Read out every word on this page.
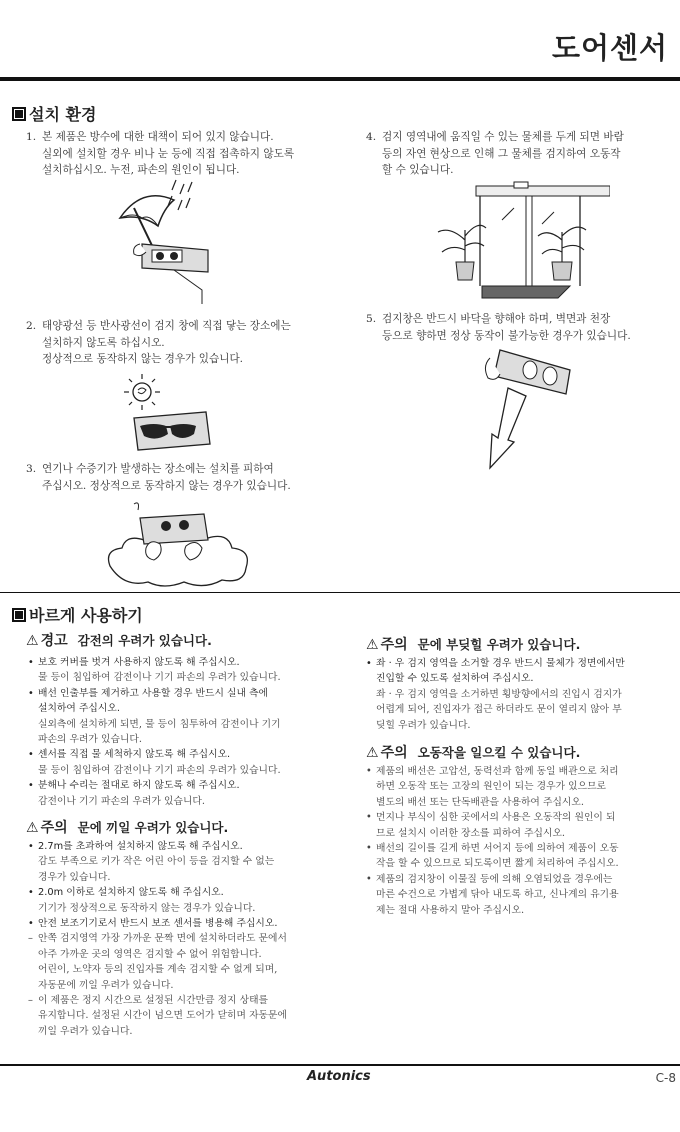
도어센서
설치 환경
1. 본 제품은 방수에 대한 대책이 되어 있지 않습니다.
실외에 설치할 경우 비나 눈 등에 직접 접촉하지 않도록
설치하십시오. 누전, 파손의 원인이 됩니다.
2. 태양광선 등 반사광선이 검지 창에 직접 닿는 장소에는
설치하지 않도록 하십시오.
정상적으로 동작하지 않는 경우가 있습니다.
3. 연기나 수증기가 발생하는 장소에는 설치를 피하여
주십시오. 정상적으로 동작하지 않는 경우가 있습니다.
4. 검지 영역내에 움직일 수 있는 물체를 두게 되면 바람
등의 자연 현상으로 인해 그 물체를 검지하여 오동작
할 수 있습니다.
5. 검지창은 반드시 바닥을 향해야 하며, 벽면과 천장
등으로 향하면 정상 동작이 불가능한 경우가 있습니다.
바르게 사용하기
⚠ 경고 감전의 우려가 있습니다.
• 보호 커버를 벗겨 사용하지 않도록 해 주십시오.
물 등이 침입하여 감전이나 기기 파손의 우려가 있습니다.
• 배선 인출부를 제거하고 사용할 경우 반드시 실내 측에
설치하여 주십시오.
실외측에 설치하게 되면, 물 등이 침투하여 감전이나 기기
파손의 우려가 있습니다.
• 센서를 직접 물 세척하지 않도록 해 주십시오.
물 등이 침입하여 감전이나 기기 파손의 우려가 있습니다.
• 분해나 수리는 절대로 하지 않도록 해 주십시오.
감전이나 기기 파손의 우려가 있습니다.
⚠ 주의 문에 끼일 우려가 있습니다.
• 2.7m를 초과하여 설치하지 않도록 해 주십시오.
감도 부족으로 키가 작은 어린 아이 등을 검지할 수 없는
경우가 있습니다.
• 2.0m 이하로 설치하지 않도록 해 주십시오.
기기가 정상적으로 동작하지 않는 경우가 있습니다.
• 안전 보조기기로서 반드시 보조 센서를 병용해 주십시오.
– 안쪽 검지영역 가장 가까운 문짝 면에 설치하더라도 문에서
아주 가까운 곳의 영역은 검지할 수 없어 위험합니다.
어린이, 노약자 등의 진입자를 계속 검지할 수 없게 되며,
자동문에 끼일 우려가 있습니다.
– 이 제품은 정지 시간으로 설정된 시간만큼 정지 상태를
유지합니다. 설정된 시간이 넘으면 도어가 닫히며 자동문에
끼일 우려가 있습니다.
⚠ 주의 문에 부딪힐 우려가 있습니다.
• 좌 · 우 검지 영역을 소거할 경우 반드시 물체가 정면에서만
진입할 수 있도록 설치하여 주십시오.
좌 · 우 검지 영역을 소거하면 횡방향에서의 진입시 검지가
어렵게 되어, 진입자가 접근 하더라도 문이 열리지 않아 부
딪힐 우려가 있습니다.
⚠ 주의 오동작을 일으킬 수 있습니다.
• 제품의 배선은 고압선, 동력선과 함께 동일 배관으로 처리
하면 오동작 또는 고장의 원인이 되는 경우가 있으므로
별도의 배선 또는 단독배관을 사용하여 주십시오.
• 먼지나 부식이 심한 곳에서의 사용은 오동작의 원인이 되
므로 설치시 이러한 장소를 피하여 주십시오.
• 배선의 길이를 길게 하면 서어지 등에 의하여 제품이 오동
작을 할 수 있으므로 되도록이면 짧게 처리하여 주십시오.
• 제품의 검지창이 이물질 등에 의해 오염되었을 경우에는
마른 수건으로 가볍게 닦아 내도록 하고, 신나계의 유기용
제는 절대 사용하지 말아 주십시오.
Autonics	C-8
